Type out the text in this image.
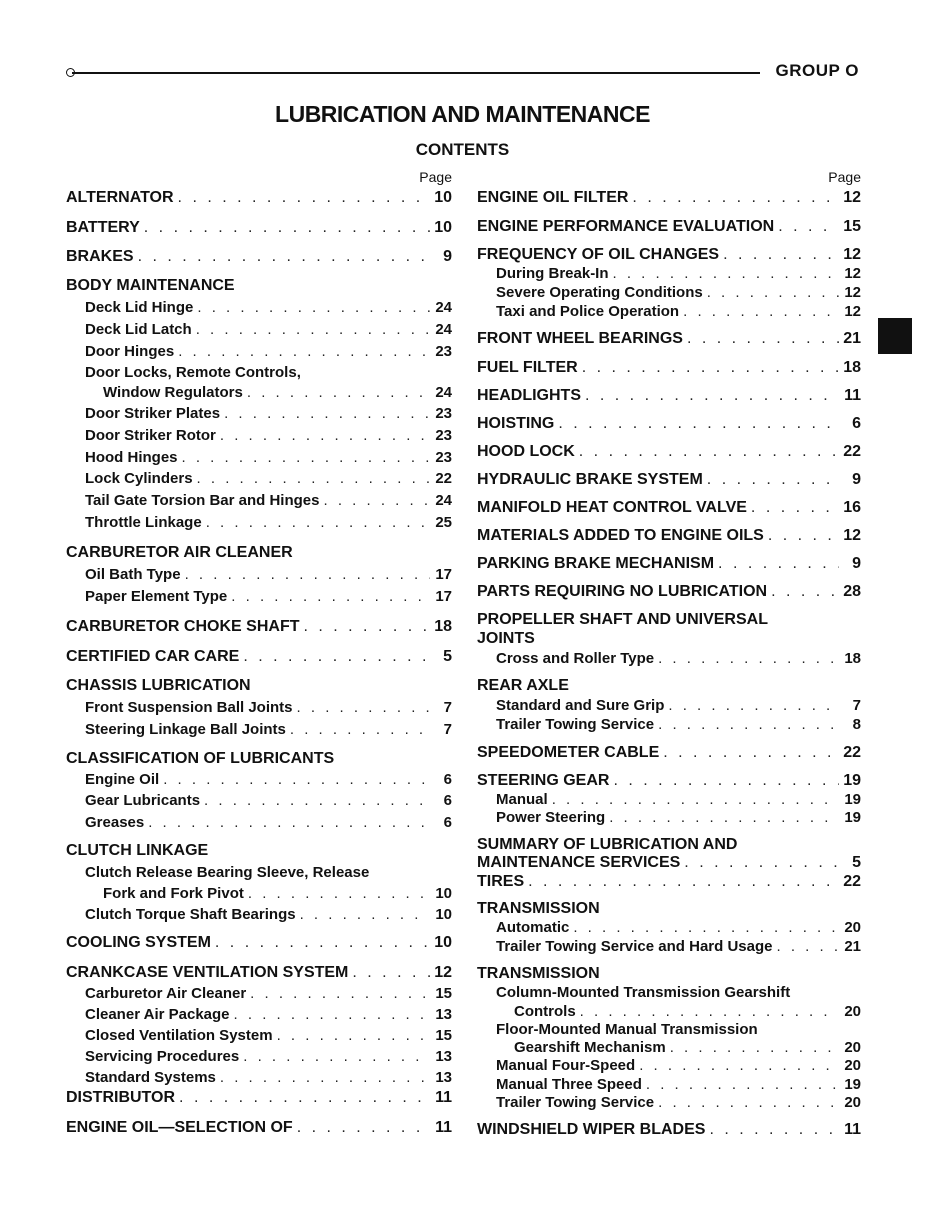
GROUP O
LUBRICATION AND MAINTENANCE
CONTENTS
Page
ALTERNATOR . . .	10
BATTERY . . .	10
BRAKES . . .	9
BODY MAINTENANCE
Deck Lid Hinge . . .	24
Deck Lid Latch . . .	24
Door Hinges . . .	23
Door Locks, Remote Controls,
Window Regulators . . .	24
Door Striker Plates . . .	23
Door Striker Rotor . . .	23
Hood Hinges . . .	23
Lock Cylinders . . .	22
Tail Gate Torsion Bar and Hinges . . .	24
Throttle Linkage . . .	25
CARBURETOR AIR CLEANER
Oil Bath Type . . .	17
Paper Element Type . . .	17
CARBURETOR CHOKE SHAFT . . .	18
CERTIFIED CAR CARE . . .	5
CHASSIS LUBRICATION
Front Suspension Ball Joints . . .	7
Steering Linkage Ball Joints . . .	7
CLASSIFICATION OF LUBRICANTS
Engine Oil . . .	6
Gear Lubricants . . .	6
Greases . . .	6
CLUTCH LINKAGE
Clutch Release Bearing Sleeve, Release
Fork and Fork Pivot . . .	10
Clutch Torque Shaft Bearings . . .	10
COOLING SYSTEM . . .	10
CRANKCASE VENTILATION SYSTEM . . .	12
Carburetor Air Cleaner . . .	15
Cleaner Air Package . . .	13
Closed Ventilation System . . .	15
Servicing Procedures . . .	13
Standard Systems . . .	13
DISTRIBUTOR . . .	11
ENGINE OIL—SELECTION OF . . .	11
Page
ENGINE OIL FILTER . . .	12
ENGINE PERFORMANCE EVALUATION . . .	15
FREQUENCY OF OIL CHANGES . . .	12
During Break-In . . .	12
Severe Operating Conditions . . .	12
Taxi and Police Operation . . .	12
FRONT WHEEL BEARINGS . . .	21
FUEL FILTER . . .	18
HEADLIGHTS . . .	11
HOISTING . . .	6
HOOD LOCK . . .	22
HYDRAULIC BRAKE SYSTEM . . .	9
MANIFOLD HEAT CONTROL VALVE . . .	16
MATERIALS ADDED TO ENGINE OILS . . .	12
PARKING BRAKE MECHANISM . . .	9
PARTS REQUIRING NO LUBRICATION . . .	28
PROPELLER SHAFT AND UNIVERSAL
JOINTS
Cross and Roller Type . . .	18
REAR AXLE
Standard and Sure Grip . . .	7
Trailer Towing Service . . .	8
SPEEDOMETER CABLE . . .	22
STEERING GEAR . . .	19
Manual . . .	19
Power Steering . . .	19
SUMMARY OF LUBRICATION AND
MAINTENANCE SERVICES . . .	5
TIRES . . .	22
TRANSMISSION
Automatic . . .	20
Trailer Towing Service and Hard Usage . . .	21
TRANSMISSION
Column-Mounted Transmission Gearshift
Controls . . .	20
Floor-Mounted Manual Transmission
Gearshift Mechanism . . .	20
Manual Four-Speed . . .	20
Manual Three Speed . . .	19
Trailer Towing Service . . .	20
WINDSHIELD WIPER BLADES . . .	11
